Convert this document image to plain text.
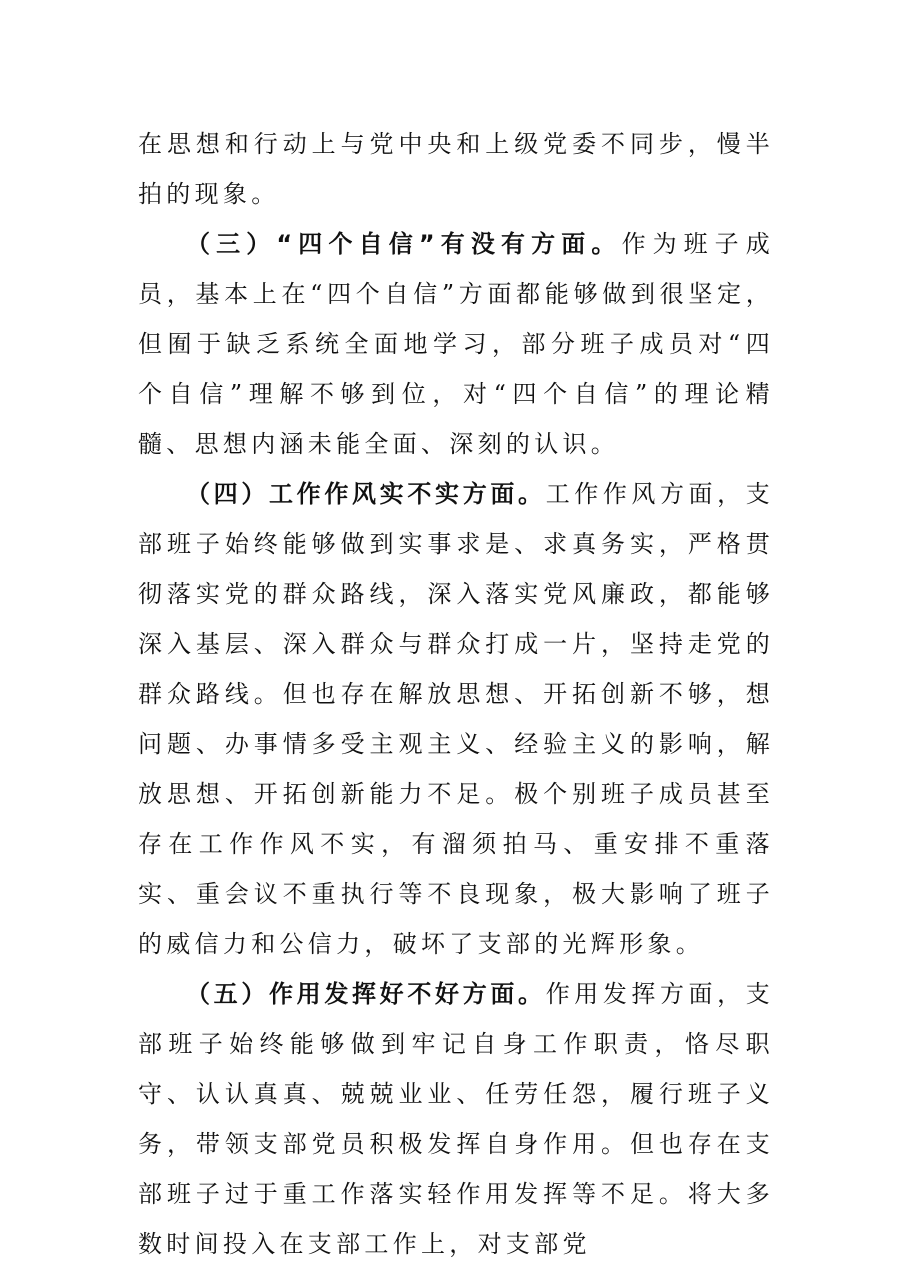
在思想和行动上与党中央和上级党委不同步，慢半拍的现象。

（三）“四个自信”有没有方面。作为班子成员，基本上在“四个自信”方面都能够做到很坚定，但囿于缺乏系统全面地学习，部分班子成员对“四个自信”理解不够到位，对“四个自信”的理论精髓、思想内涵未能全面、深刻的认识。

（四）工作作风实不实方面。工作作风方面，支部班子始终能够做到实事求是、求真务实，严格贯彻落实党的群众路线，深入落实党风廉政，都能够深入基层、深入群众与群众打成一片，坚持走党的群众路线。但也存在解放思想、开拓创新不够，想问题、办事情多受主观主义、经验主义的影响，解放思想、开拓创新能力不足。极个别班子成员甚至存在工作作风不实，有溜须拍马、重安排不重落实、重会议不重执行等不良现象，极大影响了班子的威信力和公信力，破坏了支部的光辉形象。

（五）作用发挥好不好方面。作用发挥方面，支部班子始终能够做到牢记自身工作职责，恪尽职守、认认真真、兢兢业业、任劳任怨，履行班子义务，带领支部党员积极发挥自身作用。但也存在支部班子过于重工作落实轻作用发挥等不足。将大多数时间投入在支部工作上，对支部党
